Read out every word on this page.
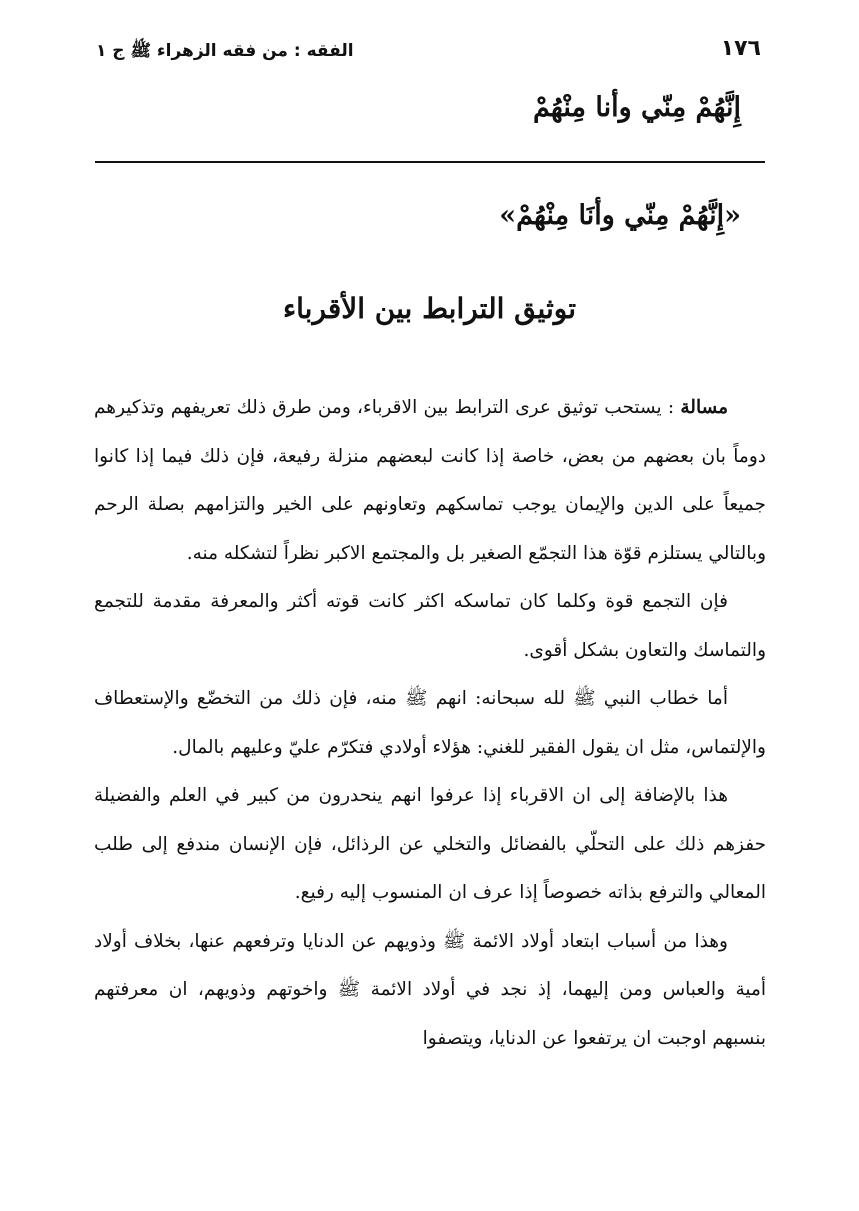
١٧٦
الفقه : من فقه الزهراء ﷺ ج ١
إِنَّهُمْ مِنّي وأنا مِنْهُمْ
«إِنَّهُمْ مِنّي وأنَا مِنْهُمْ»
توثيق الترابط بين الأقرباء

مسالة : يستحب توثيق عرى الترابط بين الاقرباء، ومن طرق ذلك تعريفهم وتذكيرهم دوماً بان بعضهم من بعض، خاصة إذا كانت لبعضهم منزلة رفيعة، فإن ذلك فيما إذا كانوا جميعاً على الدين والإيمان يوجب تماسكهم وتعاونهم على الخير والتزامهم بصلة الرحم وبالتالي يستلزم قوّة هذا التجمّع الصغير بل والمجتمع الاكبر نظراً لتشكله منه.

فإن التجمع قوة وكلما كان تماسكه اكثر كانت قوته أكثر والمعرفة مقدمة للتجمع والتماسك والتعاون بشكل أقوى.

أما خطاب النبي ﷺ لله سبحانه: انهم ﷺ منه، فإن ذلك من التخضّع والإستعطاف والإلتماس، مثل ان يقول الفقير للغني: هؤلاء أولادي فتكرّم عليّ وعليهم بالمال.

هذا بالإضافة إلى ان الاقرباء إذا عرفوا انهم ينحدرون من كبير في العلم والفضيلة حفزهم ذلك على التحلّي بالفضائل والتخلي عن الرذائل، فإن الإنسان مندفع إلى طلب المعالي والترفع بذاته خصوصاً إذا عرف ان المنسوب إليه رفيع.

وهذا من أسباب ابتعاد أولاد الائمة ﷺ وذويهم عن الدنايا وترفعهم عنها، بخلاف أولاد أمية والعباس ومن إليهما، إذ نجد في أولاد الائمة ﷺ واخوتهم وذويهم، ان معرفتهم بنسبهم اوجبت ان يرتفعوا عن الدنايا، ويتصفوا
